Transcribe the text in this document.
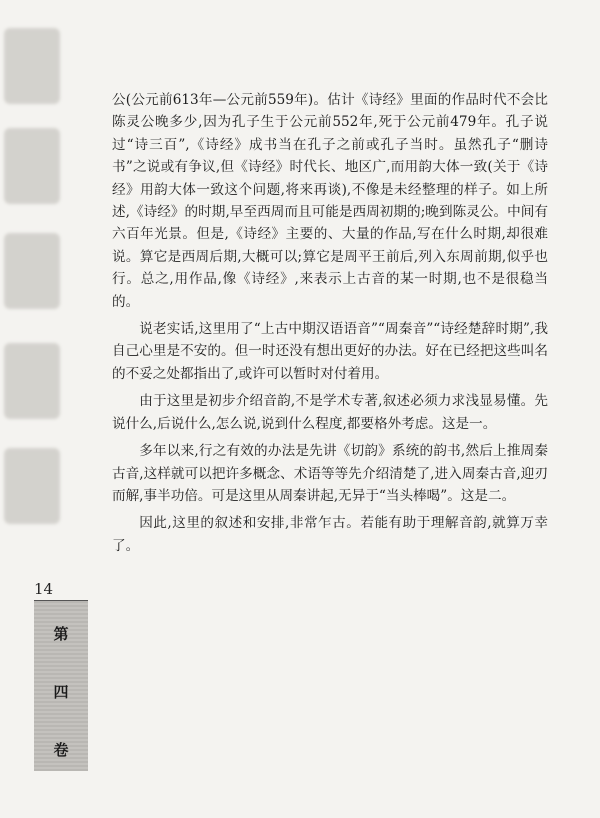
公(公元前613年—公元前559年)。估计《诗经》里面的作品时代不会比陈灵公晚多少,因为孔子生于公元前552年,死于公元前479年。孔子说过“诗三百”,《诗经》成书当在孔子之前或孔子当时。虽然孔子“删诗书”之说或有争议,但《诗经》时代长、地区广,而用韵大体一致(关于《诗经》用韵大体一致这个问题,将来再谈),不像是未经整理的样子。如上所述,《诗经》的时期,早至西周而且可能是西周初期的;晚到陈灵公。中间有六百年光景。但是,《诗经》主要的、大量的作品,写在什么时期,却很难说。算它是西周后期,大概可以;算它是周平王前后,列入东周前期,似乎也行。总之,用作品,像《诗经》,来表示上古音的某一时期,也不是很稳当的。

说老实话,这里用了“上古中期汉语语音”“周秦音”“诗经楚辞时期”,我自己心里是不安的。但一时还没有想出更好的办法。好在已经把这些叫名的不妥之处都指出了,或许可以暂时对付着用。

由于这里是初步介绍音韵,不是学术专著,叙述必须力求浅显易懂。先说什么,后说什么,怎么说,说到什么程度,都要格外考虑。这是一。

多年以来,行之有效的办法是先讲《切韵》系统的韵书,然后上推周秦古音,这样就可以把许多概念、术语等等先介绍清楚了,进入周秦古音,迎刃而解,事半功倍。可是这里从周秦讲起,无异于“当头棒喝”。这是二。

因此,这里的叙述和安排,非常乍古。若能有助于理解音韵,就算万幸了。

14
第
四
卷
